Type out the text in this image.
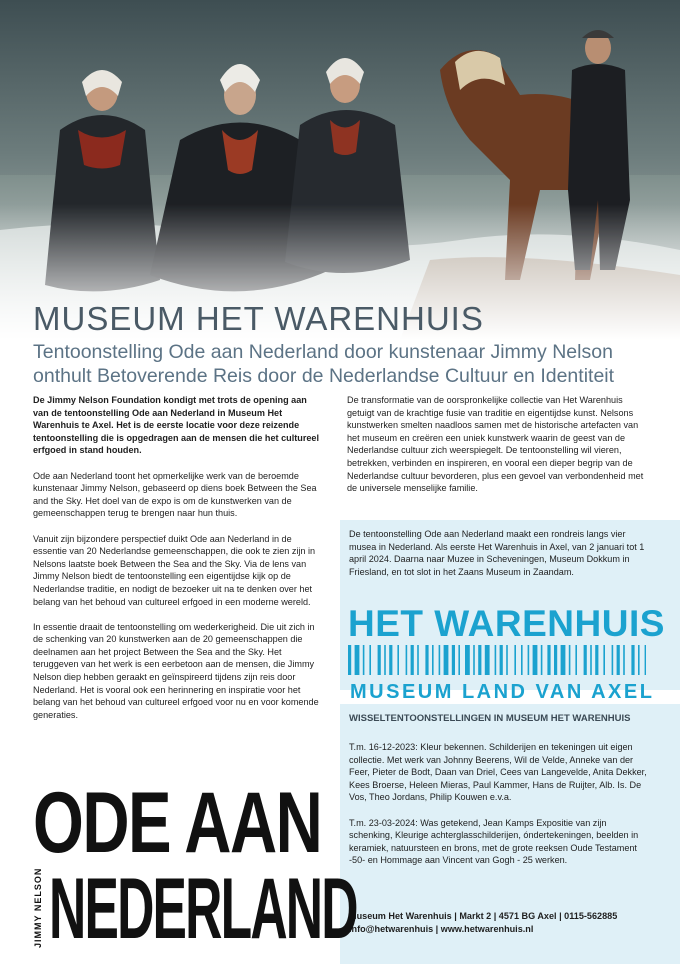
MUSEUM HET WARENHUIS
Tentoonstelling Ode aan Nederland door kunstenaar Jimmy Nelson onthult Betoverende Reis door de Nederlandse Cultuur en Identiteit

De Jimmy Nelson Foundation kondigt met trots de opening aan van de tentoonstelling Ode aan Nederland in Museum Het Warenhuis te Axel. Het is de eerste locatie voor deze reizende tentoonstelling die is opgedragen aan de mensen die het cultureel erfgoed in stand houden.

Ode aan Nederland toont het opmerkelijke werk van de beroemde kunstenaar Jimmy Nelson, gebaseerd op diens boek Between the Sea and the Sky. Het doel van de expo is om de kunstwerken van de gemeenschappen terug te brengen naar hun thuis.

Vanuit zijn bijzondere perspectief duikt Ode aan Nederland in de essentie van 20 Nederlandse gemeenschappen, die ook te zien zijn in Nelsons laatste boek Between the Sea and the Sky. Via de lens van Jimmy Nelson biedt de tentoonstelling een eigentijdse kijk op de Nederlandse traditie, en nodigt de bezoeker uit na te denken over het belang van het behoud van cultureel erfgoed in een moderne wereld.

In essentie draait de tentoonstelling om wederkerigheid. Die uit zich in de schenking van 20 kunstwerken aan de 20 gemeenschappen die deelnamen aan het project Between the Sea and the Sky. Het teruggeven van het werk is een eerbetoon aan de mensen, die Jimmy Nelson diep hebben geraakt en geïnspireerd tijdens zijn reis door Nederland. Het is vooral ook een herinnering en inspiratie voor het belang van het behoud van cultureel erfgoed voor nu en voor komende generaties.

De transformatie van de oorspronkelijke collectie van Het Warenhuis getuigt van de krachtige fusie van traditie en eigentijdse kunst. Nelsons kunstwerken smelten naadloos samen met de historische artefacten van het museum en creëren een uniek kunstwerk waarin de geest van de Nederlandse cultuur zich weerspiegelt. De tentoonstelling wil vieren, betrekken, verbinden en inspireren, en vooral een dieper begrip van de Nederlandse cultuur bevorderen, plus een gevoel van verbondenheid met de universele menselijke familie.

De tentoonstelling Ode aan Nederland maakt een rondreis langs vier musea in Nederland. Als eerste Het Warenhuis in Axel, van 2 januari tot 1 april 2024. Daarna naar Muzee in Scheveningen, Museum Dokkum in Friesland, en tot slot in het Zaans Museum in Zaandam.
HET WARENHUIS
MUSEUM LAND VAN AXEL
WISSELTENTOONSTELLINGEN IN MUSEUM HET WARENHUIS

T.m. 16-12-2023: Kleur bekennen. Schilderijen en tekeningen uit eigen collectie. Met werk van Johnny Beerens, Wil de Velde, Anneke van der Feer, Pieter de Bodt, Daan van Driel, Cees van Langevelde, Anita Dekker, Kees Broerse, Heleen Mieras, Paul Kammer, Hans de Ruijter, Alb. Is. De Vos, Theo Jordans, Philip Kouwen e.v.a.

T.m. 23-03-2024: Was getekend, Jean Kamps Expositie van zijn schenking, Kleurige achterglasschilderijen, óndertekeningen, beelden in keramiek, natuursteen en brons, met de grote reeksen Oude Testament -50- en Hommage aan Vincent van Gogh - 25 werken.

Museum Het Warenhuis | Markt 2 | 4571 BG Axel | 0115-562885
info@hetwarenhuis | www.hetwarenhuis.nl
ODE AAN
JIMMY NELSON NEDERLAND
